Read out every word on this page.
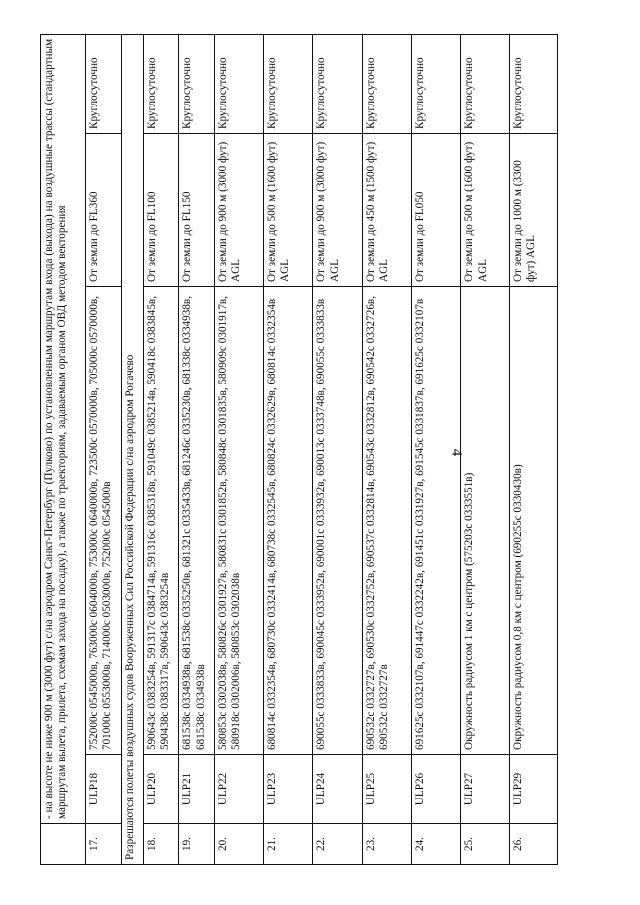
4
	- на высоте не ниже 900 м (3000 фут) с/на аэродром Санкт-Петербург (Пулково) по установленным маршрутам входа (выхода) на воздушные трассы (стандартным маршрутам вылета, прилета, схемам захода на посадку), а также по траекториям, задаваемым органом ОВД методом векторения			
17.	ULP18	752000с 0545000в, 763000с 0604000в, 753000с 0640000в, 723500с 0570000в, 705000с 0570000в, 701000с 0553000в, 714000с 0503000в, 752000с 0545000в	От земли до FL360	Круглосуточно
Разрешаются полеты воздушных судов Вооруженных Сил Российской Федерации с/на аэродром Рогачево				
18.	ULP20	590643с 0383254в, 591317с 0384714в, 591316с 0385318в, 591049с 0385214в, 590418с 0383845в, 590438с 0383317в, 590643с 0383254в	От земли до FL100	Круглосуточно
19.	ULP21	681538с 0334938в, 681538с 0335250в, 681321с 0335433в, 681246с 0335230в, 681338с 0334938в, 681538с 0334938в	От земли до FL150	Круглосуточно
20.	ULP22	580853с 0302038в, 580826с 0301927в, 580831с 0301852в, 580848с 0301835в, 580909с 0301917в, 580918с 0302006в, 580853с 0302038в	От земли до 900 м (3000 фут) AGL	Круглосуточно
21.	ULP23	680814с 0332354в, 680730с 0332414в, 680738с 0332545в, 680824с 0332629в, 680814с 0332354в	От земли до 500 м (1600 фут) AGL	Круглосуточно
22.	ULP24	690055с 0333833в, 690045с 0333952в, 690001с 0333932в, 690013с 0333748в, 690055с 0333833в	От земли до 900 м (3000 фут) AGL	Круглосуточно
23.	ULP25	690532с 0332727в, 690530с 0332752в, 690537с 0332814в, 690543с 0332812в, 690542с 0332726в, 690532с 0332727в	От земли до 450 м (1500 фут) AGL	Круглосуточно
24.	ULP26	691625с 0332107в, 691447с 0332242в, 691451с 0331927в, 691545с 0331837в, 691625с 0332107в	От земли до FL050	Круглосуточно
25.	ULP27	Окружность радиусом 1 км с центром (575203с 0333551в)	От земли до 500 м (1600 фут) AGL	Круглосуточно
26.	ULP29	Окружность радиусом 0,8 км с центром (690255с 0330430в)	От земли до 1000 м (3300 фут) AGL	Круглосуточно
